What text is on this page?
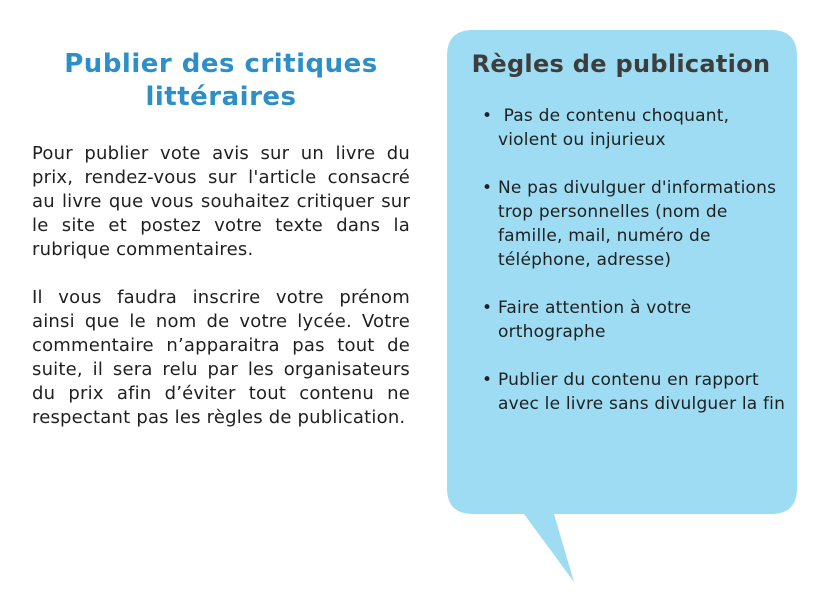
Publier des critiques littéraires

Pour publier vote avis sur un livre du prix, rendez-vous sur l'article consacré au livre que vous souhaitez critiquer sur le site et postez votre texte dans la rubrique commentaires.

Il vous faudra inscrire votre prénom ainsi que le nom de votre lycée. Votre commentaire n’apparaitra pas tout de suite, il sera relu par les organisateurs du prix afin d’éviter tout contenu ne respectant pas les règles de publication.

Règles de publication
• Pas de contenu choquant, violent ou injurieux
• Ne pas divulguer d'informations trop personnelles (nom de famille, mail, numéro de téléphone, adresse)
• Faire attention à votre orthographe
• Publier du contenu en rapport avec le livre sans divulguer la fin
